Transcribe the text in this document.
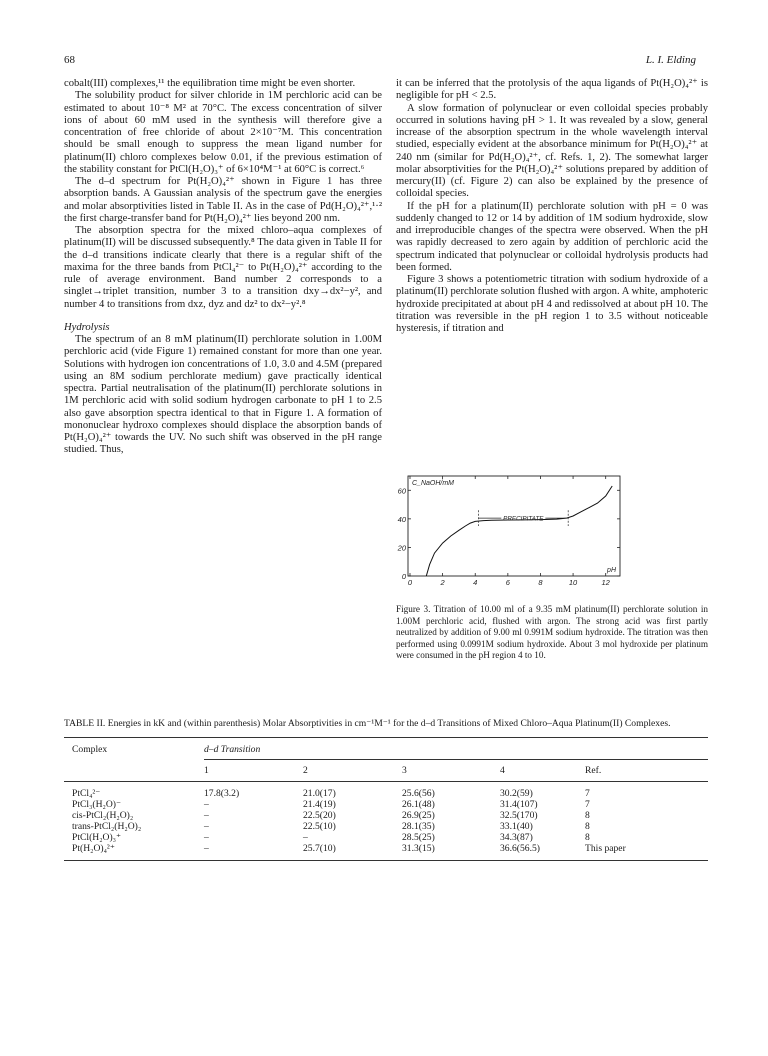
68	L. I. Elding

cobalt(III) complexes,¹¹ the equilibration time might be even shorter.

The solubility product for silver chloride in 1M perchloric acid can be estimated to about 10⁻⁸ M² at 70°C. The excess concentration of silver ions of about 60 mM used in the synthesis will therefore give a concentration of free chloride of about 2×10⁻⁷M. This concentration should be small enough to suppress the mean ligand number for platinum(II) chloro complexes below 0.01, if the previous estimation of the stability constant for PtCl(H₂O)₃⁺ of 6×10⁴M⁻¹ at 60°C is correct.⁶

The d–d spectrum for Pt(H₂O)₄²⁺ shown in Figure 1 has three absorption bands. A Gaussian analysis of the spectrum gave the energies and molar absorptivities listed in Table II. As in the case of Pd(H₂O)₄²⁺,¹·² the first charge-transfer band for Pt(H₂O)₄²⁺ lies beyond 200 nm.

The absorption spectra for the mixed chloro–aqua complexes of platinum(II) will be discussed subsequently.⁸ The data given in Table II for the d–d transitions indicate clearly that there is a regular shift of the maxima for the three bands from PtCl₄²⁻ to Pt(H₂O)₄²⁺ according to the rule of average environment. Band number 2 corresponds to a singlet→triplet transition, number 3 to a transition dxy→dx²−y², and number 4 to transitions from dxz, dyz and dz² to dx²−y².⁸

Hydrolysis

The spectrum of an 8 mM platinum(II) perchlorate solution in 1.00M perchloric acid (vide Figure 1) remained constant for more than one year. Solutions with hydrogen ion concentrations of 1.0, 3.0 and 4.5M (prepared using an 8M sodium perchlorate medium) gave practically identical spectra. Partial neutralisation of the platinum(II) perchlorate solutions in 1M perchloric acid with solid sodium hydrogen carbonate to pH 1 to 2.5 also gave absorption spectra identical to that in Figure 1. A formation of mononuclear hydroxo complexes should displace the absorption bands of Pt(H₂O)₄²⁺ towards the UV. No such shift was observed in the pH range studied. Thus,

it can be inferred that the protolysis of the aqua ligands of Pt(H₂O)₄²⁺ is negligible for pH < 2.5.

A slow formation of polynuclear or even colloidal species probably occurred in solutions having pH > 1. It was revealed by a slow, general increase of the absorption spectrum in the whole wavelength interval studied, especially evident at the absorbance minimum for Pt(H₂O)₄²⁺ at 240 nm (similar for Pd(H₂O)₄²⁺, cf. Refs. 1, 2). The somewhat larger molar absorptivities for the Pt(H₂O)₄²⁺ solutions prepared by addition of mercury(II) (cf. Figure 2) can also be explained by the presence of colloidal species.

If the pH for a platinum(II) perchlorate solution with pH = 0 was suddenly changed to 12 or 14 by addition of 1M sodium hydroxide, slow and irreproducible changes of the spectra were observed. When the pH was rapidly decreased to zero again by addition of perchloric acid the spectrum indicated that polynuclear or colloidal hydrolysis products had been formed.

Figure 3 shows a potentiometric titration with sodium hydroxide of a platinum(II) perchlorate solution flushed with argon. A white, amphoteric hydroxide precipitated at about pH 4 and redissolved at about pH 10. The titration was reversible in the pH region 1 to 3.5 without noticeable hysteresis, if titration and

0	2	4	6	8	10	12
0
20
40
60
C_NaOH/mM
pH
PRECIPITATE
Figure 3. Titration of 10.00 ml of a 9.35 mM platinum(II) perchlorate solution in 1.00M perchloric acid, flushed with argon. The strong acid was first partly neutralized by addition of 9.00 ml 0.991M sodium hydroxide. The titration was then performed using 0.0991M sodium hydroxide. About 3 mol hydroxide per platinum were consumed in the pH region 4 to 10.
TABLE II. Energies in kK and (within parenthesis) Molar Absorptivities in cm⁻¹M⁻¹ for the d–d Transitions of Mixed Chloro–Aqua Platinum(II) Complexes.
Complex	d–d Transition				
	1	2	3	4	Ref.

PtCl₄²⁻	17.8(3.2)	21.0(17)	25.6(56)	30.2(59)	7
PtCl₃(H₂O)⁻	–	21.4(19)	26.1(48)	31.4(107)	7
cis-PtCl₂(H₂O)₂	–	22.5(20)	26.9(25)	32.5(170)	8
trans-PtCl₂(H₂O)₂	–	22.5(10)	28.1(35)	33.1(40)	8
PtCl(H₂O)₃⁺	–	–	28.5(25)	34.3(87)	8
Pt(H₂O)₄²⁺	–	25.7(10)	31.3(15)	36.6(56.5)	This paper
